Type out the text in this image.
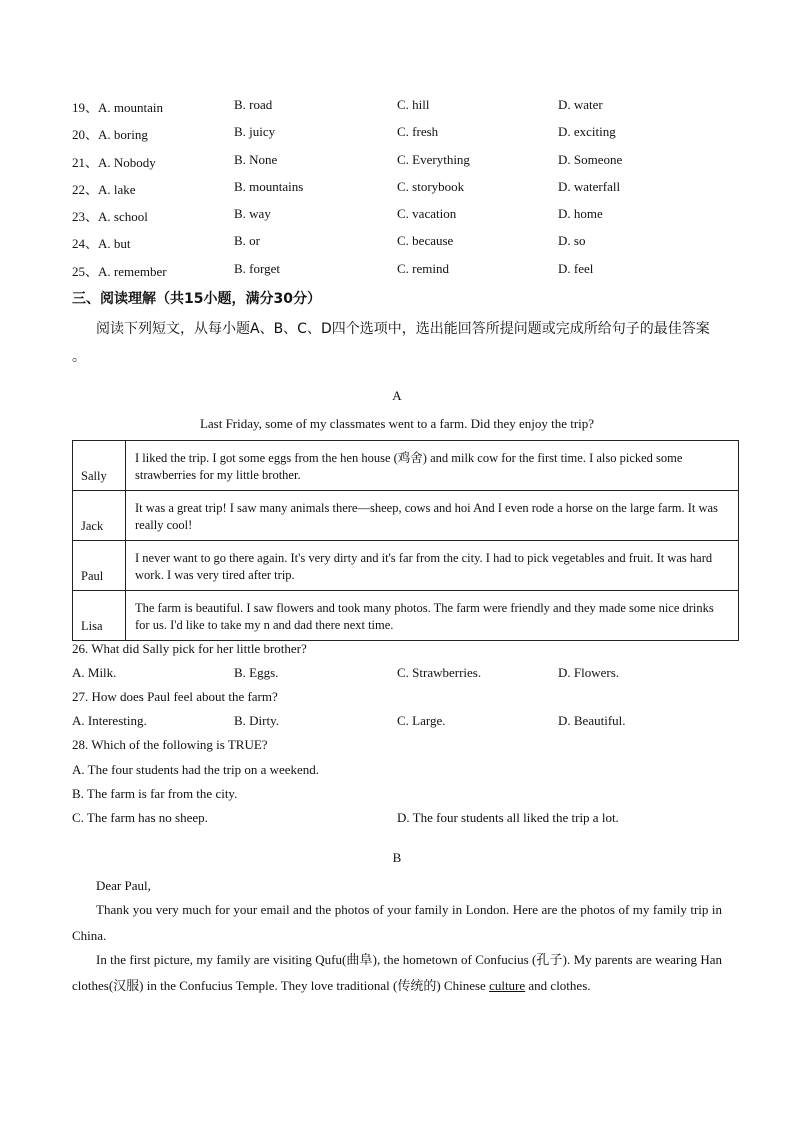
19、A. mountain	B. road	C. hill	D. water
20、A. boring	B. juicy	C. fresh	D. exciting
21、A. Nobody	B. None	C. Everything	D. Someone
22、A. lake	B. mountains	C. storybook	D. waterfall
23、A. school	B. way	C. vacation	D. home
24、A. but	B. or	C. because	D. so
25、A. remember	B. forget	C. remind	D. feel
三、阅读理解（共15小题，满分30分）
阅读下列短文，从每小题A、B、C、D四个选项中，选出能回答所提问题或完成所给句子的最佳答案
。
A
Last Friday, some of my classmates went to a farm. Did they enjoy the trip?
Sally	I liked the trip. I got some eggs from the hen house (鸡舍) and milk cow for the first time. I also picked some strawberries for my little brother.
Jack	It was a great trip! I saw many animals there—sheep, cows and hoi And I even rode a horse on the large farm. It was really cool!
Paul	I never want to go there again. It's very dirty and it's far from the city. I had to pick vegetables and fruit. It was hard work. I was very tired after trip.
Lisa	The farm is beautiful. I saw flowers and took many photos. The farm were friendly and they made some nice drinks for us. I'd like to take my n and dad there next time.
26. What did Sally pick for her little brother?
A. Milk.	B. Eggs.	C. Strawberries.	D. Flowers.
27. How does Paul feel about the farm?
A. Interesting.	B. Dirty.	C. Large.	D. Beautiful.
28. Which of the following is TRUE?
A. The four students had the trip on a weekend.
B. The farm is far from the city.
C. The farm has no sheep.	D. The four students all liked the trip a lot.
B
Dear Paul,
Thank you very much for your email and the photos of your family in London. Here are the photos of my family trip in China.
In the first picture, my family are visiting Qufu(曲阜), the hometown of Confucius (孔子). My parents are wearing Han clothes(汉服) in the Confucius Temple. They love traditional (传统的) Chinese culture and clothes.
